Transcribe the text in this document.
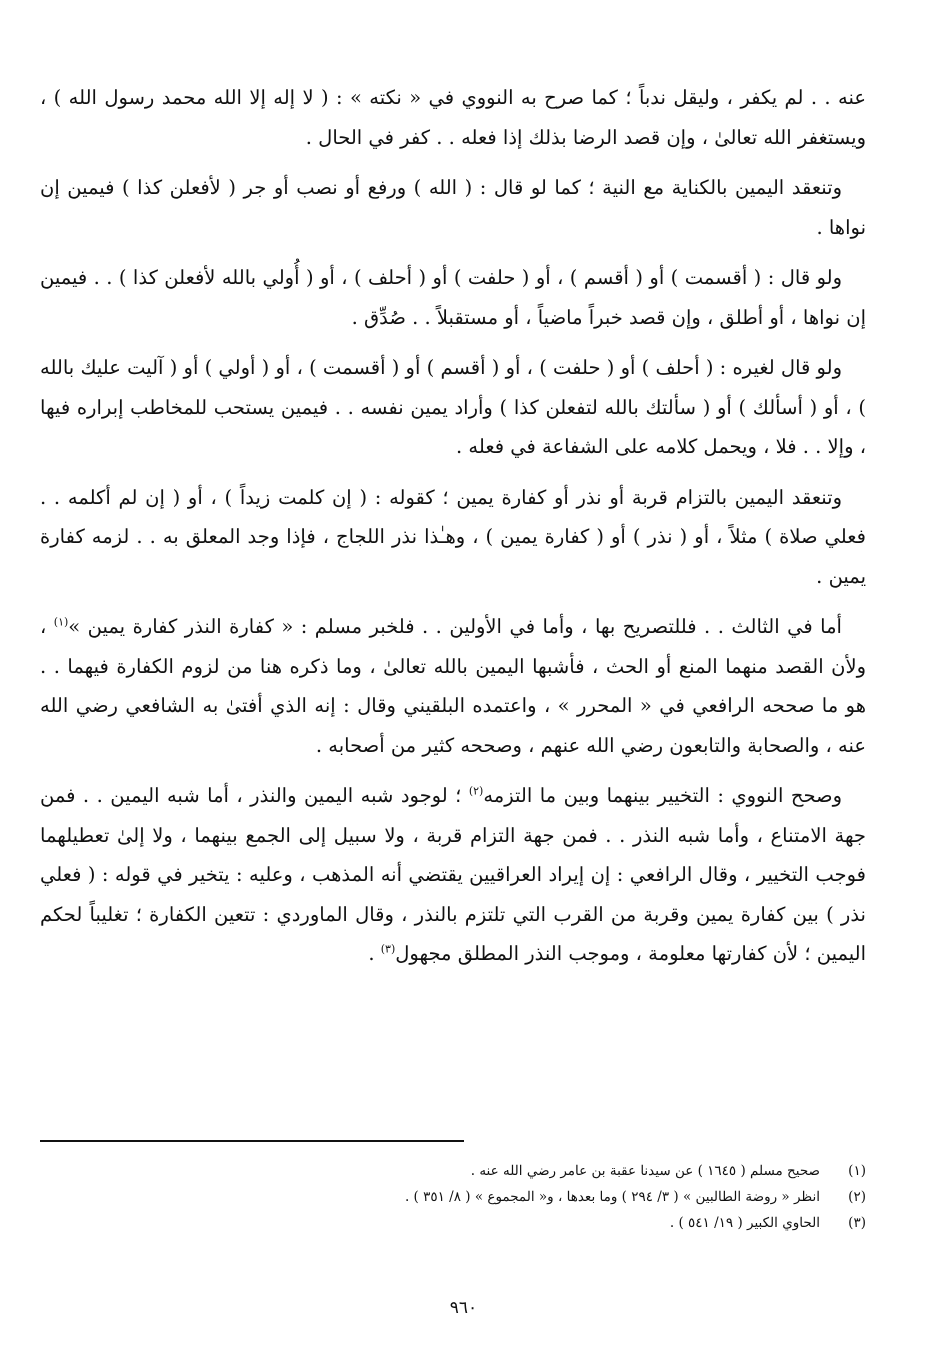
عنه . . لم يكفر ، وليقل ندباً ؛ كما صرح به النووي في « نكته » : ( لا إله إلا الله محمد رسول الله ) ، ويستغفر الله تعالىٰ ، وإن قصد الرضا بذلك إذا فعله . . كفر في الحال .

وتنعقد اليمين بالكناية مع النية ؛ كما لو قال : ( الله ) ورفع أو نصب أو جر ( لأفعلن كذا ) فيمين إن نواها .

ولو قال : ( أقسمت ) أو ( أقسم ) ، أو ( حلفت ) أو ( أحلف ) ، أو ( أُولي بالله لأفعلن كذا ) . . فيمين إن نواها ، أو أطلق ، وإن قصد خبراً ماضياً ، أو مستقبلاً . . صُدِّق .

ولو قال لغيره : ( أحلف ) أو ( حلفت ) ، أو ( أقسم ) أو ( أقسمت ) ، أو ( أولي ) أو ( آليت عليك بالله ) ، أو ( أسألك ) أو ( سألتك بالله لتفعلن كذا ) وأراد يمين نفسه . . فيمين يستحب للمخاطب إبراره فيها ، وإلا . . فلا ، ويحمل كلامه على الشفاعة في فعله .

وتنعقد اليمين بالتزام قربة أو نذر أو كفارة يمين ؛ كقوله : ( إن كلمت زيداً ) ، أو ( إن لم أكلمه . . فعلي صلاة ) مثلاً ، أو ( نذر ) أو ( كفارة يمين ) ، وهـٰذا نذر اللجاج ، فإذا وجد المعلق به . . لزمه كفارة يمين .

أما في الثالث . . فللتصريح بها ، وأما في الأولين . . فلخبر مسلم : « كفارة النذر كفارة يمين »$^{(١)}$ ، ولأن القصد منهما المنع أو الحث ، فأشبها اليمين بالله تعالىٰ ، وما ذكره هنا من لزوم الكفارة فيهما . . هو ما صححه الرافعي في « المحرر » ، واعتمده البلقيني وقال : إنه الذي أفتىٰ به الشافعي رضي الله عنه ، والصحابة والتابعون رضي الله عنهم ، وصححه كثير من أصحابه .

وصحح النووي : التخيير بينهما وبين ما التزمه$^{(٢)}$ ؛ لوجود شبه اليمين والنذر ، أما شبه اليمين . . فمن جهة الامتناع ، وأما شبه النذر . . فمن جهة التزام قربة ، ولا سبيل إلى الجمع بينهما ، ولا إلىٰ تعطيلهما فوجب التخيير ، وقال الرافعي : إن إيراد العراقيين يقتضي أنه المذهب ، وعليه : يتخير في قوله : ( فعلي نذر ) بين كفارة يمين وقربة من القرب التي تلتزم بالنذر ، وقال الماوردي : تتعين الكفارة ؛ تغليباً لحكم اليمين ؛ لأن كفارتها معلومة ، وموجب النذر المطلق مجهول$^{(٣)}$ .

(١)
صحيح مسلم ( ١٦٤٥ ) عن سيدنا عقبة بن عامر رضي الله عنه .
(٢)
انظر « روضة الطالبين » ( ٣/ ٢٩٤ ) وما بعدها ، و« المجموع » ( ٨/ ٣٥١ ) .
(٣)
الحاوي الكبير ( ١٩/ ٥٤١ ) .
٩٦٠
